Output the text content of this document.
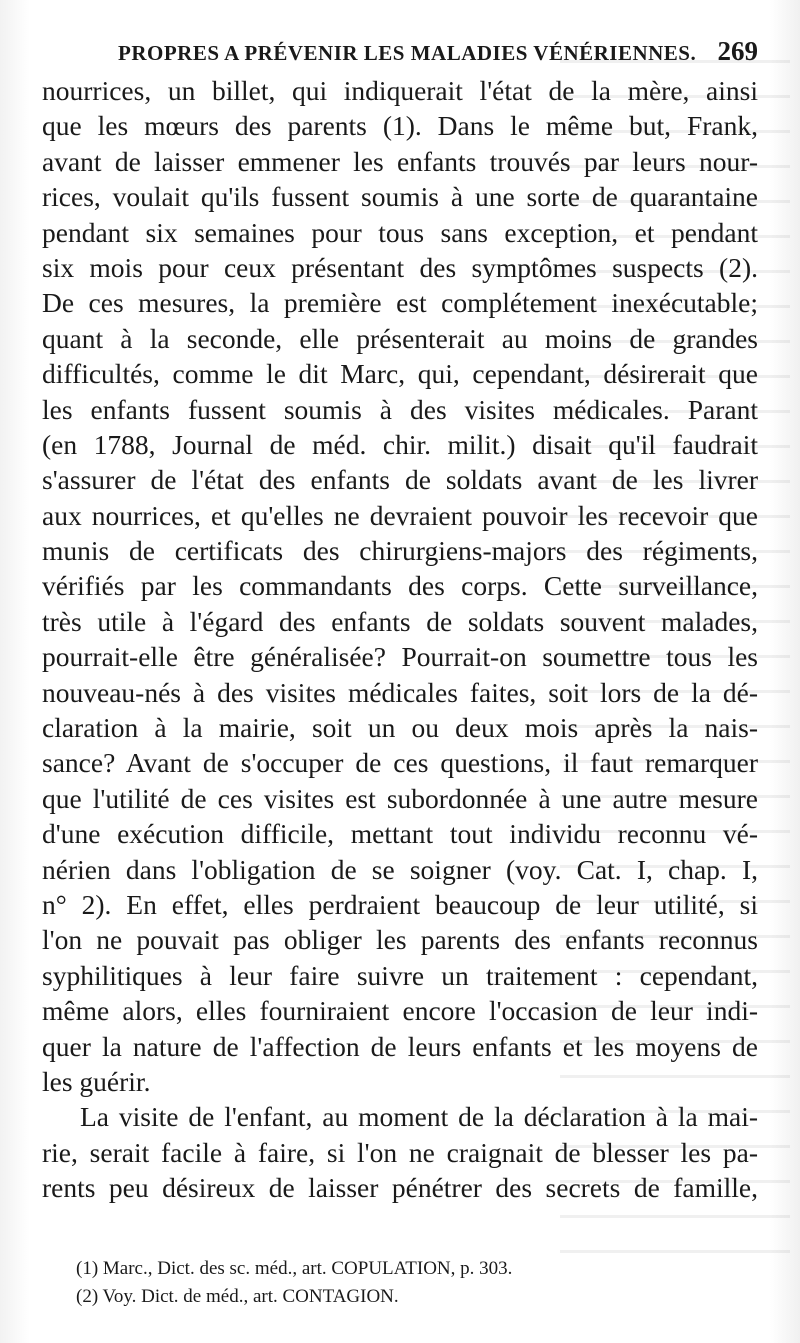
PROPRES A PRÉVENIR LES MALADIES VÉNÉRIENNES. 269
nourrices, un billet, qui indiquerait l'état de la mère, ainsi
que les mœurs des parents (1). Dans le même but, Frank,
avant de laisser emmener les enfants trouvés par leurs nour-
rices, voulait qu'ils fussent soumis à une sorte de quarantaine
pendant six semaines pour tous sans exception, et pendant
six mois pour ceux présentant des symptômes suspects (2).
De ces mesures, la première est complétement inexécutable;
quant à la seconde, elle présenterait au moins de grandes
difficultés, comme le dit Marc, qui, cependant, désirerait que
les enfants fussent soumis à des visites médicales. Parant
(en 1788, Journal de méd. chir. milit.) disait qu'il faudrait
s'assurer de l'état des enfants de soldats avant de les livrer
aux nourrices, et qu'elles ne devraient pouvoir les recevoir que
munis de certificats des chirurgiens-majors des régiments,
vérifiés par les commandants des corps. Cette surveillance,
très utile à l'égard des enfants de soldats souvent malades,
pourrait-elle être généralisée? Pourrait-on soumettre tous les
nouveau-nés à des visites médicales faites, soit lors de la dé-
claration à la mairie, soit un ou deux mois après la nais-
sance? Avant de s'occuper de ces questions, il faut remarquer
que l'utilité de ces visites est subordonnée à une autre mesure
d'une exécution difficile, mettant tout individu reconnu vé-
nérien dans l'obligation de se soigner (voy. Cat. I, chap. I,
n° 2). En effet, elles perdraient beaucoup de leur utilité, si
l'on ne pouvait pas obliger les parents des enfants reconnus
syphilitiques à leur faire suivre un traitement : cependant,
même alors, elles fourniraient encore l'occasion de leur indi-
quer la nature de l'affection de leurs enfants et les moyens de
les guérir.
La visite de l'enfant, au moment de la déclaration à la mai-
rie, serait facile à faire, si l'on ne craignait de blesser les pa-
rents peu désireux de laisser pénétrer des secrets de famille,
(1) Marc., Dict. des sc. méd., art. COPULATION, p. 303.
(2) Voy. Dict. de méd., art. CONTAGION.
